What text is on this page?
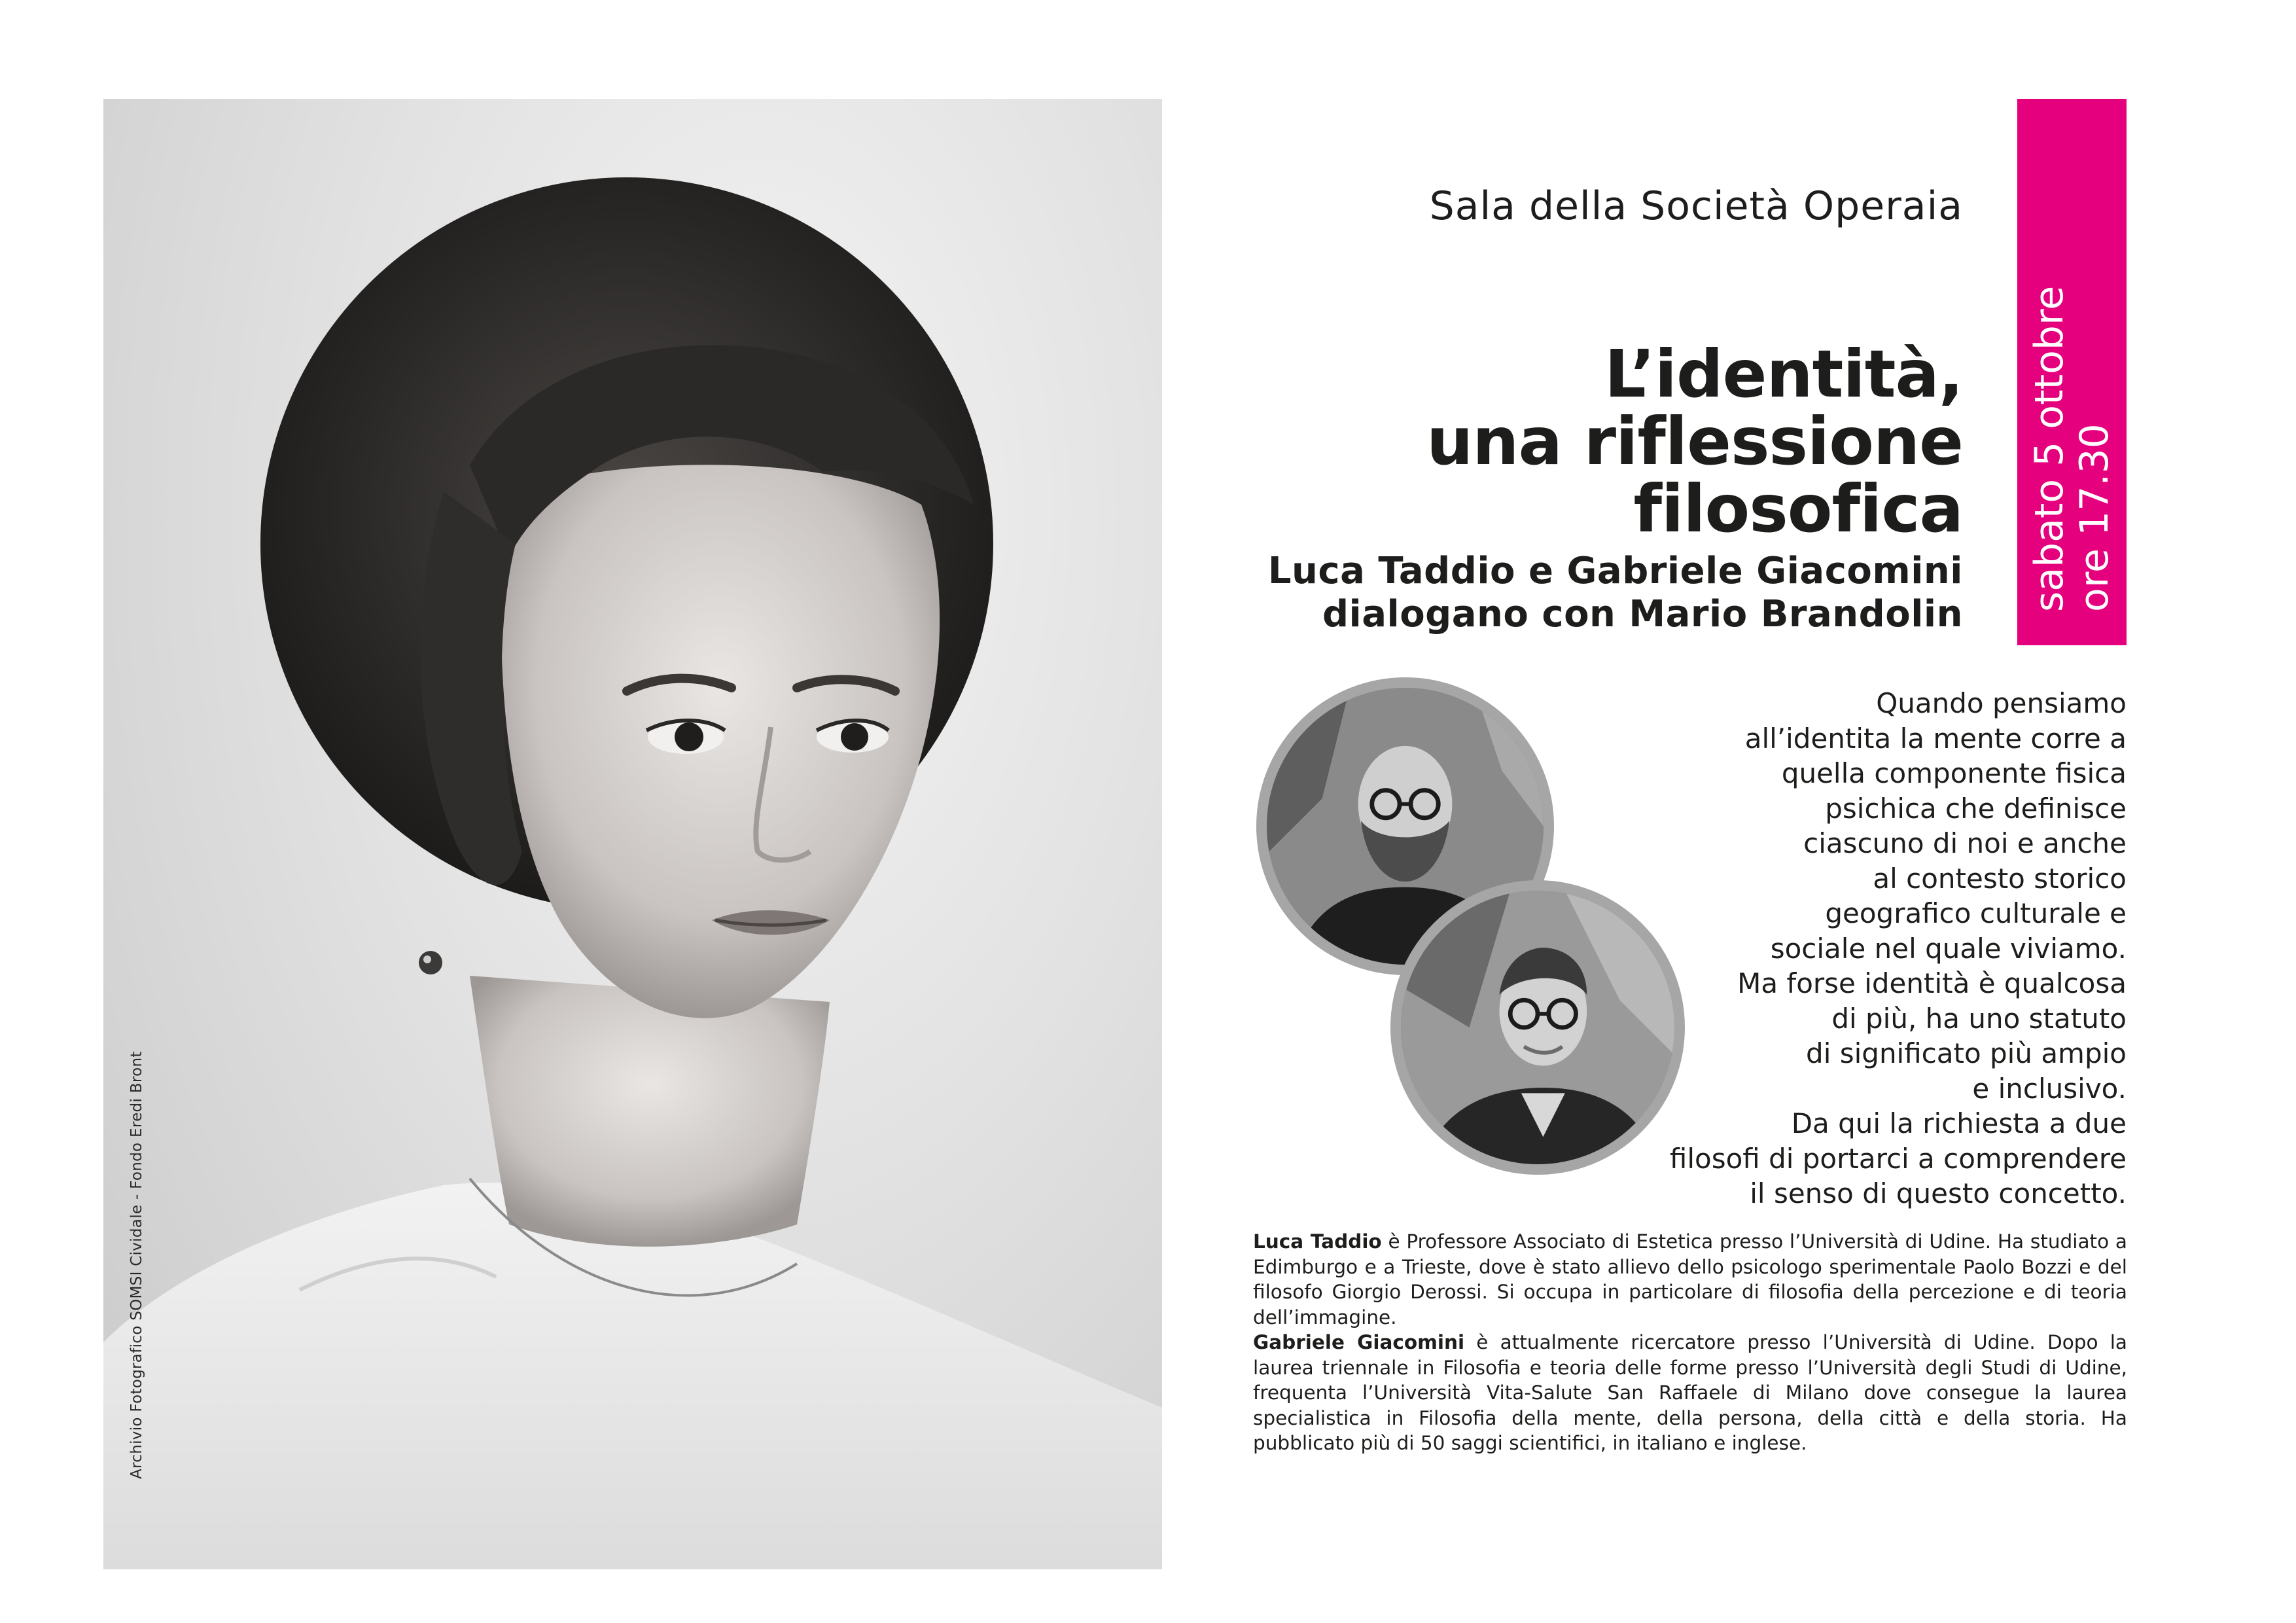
Archivio Fotografico SOMSI Cividale - Fondo Eredi Bront
Sala della Società Operaia
L’identità,
una riflessione
filosofica
Luca Taddio e Gabriele Giacomini
dialogano con Mario Brandolin
sabato 5 ottobre ore 17.30
Quando pensiamo
all’identita la mente corre a
quella componente fisica
psichica che definisce
ciascuno di noi e anche
al contesto storico
geografico culturale e
sociale nel quale viviamo.
Ma forse identità è qualcosa
di più, ha uno statuto
di significato più ampio
e inclusivo.
Da qui la richiesta a due
filosofi di portarci a comprendere
il senso di questo concetto.

Luca Taddio è Professore Associato di Estetica presso l’Università di Udine. Ha studiato a Edimburgo e a Trieste, dove è stato allievo dello psicologo sperimentale Paolo Bozzi e del filosofo Giorgio Derossi. Si occupa in particolare di filosofia della percezione e di teoria dell’immagine.

Gabriele Giacomini è attualmente ricercatore presso l’Università di Udine. Dopo la laurea triennale in Filosofia e teoria delle forme presso l’Università degli Studi di Udine, frequenta l’Università Vita-Salute San Raffaele di Milano dove consegue la laurea specialistica in Filosofia della mente, della persona, della città e della storia. Ha pubblicato più di 50 saggi scientifici, in italiano e inglese.
